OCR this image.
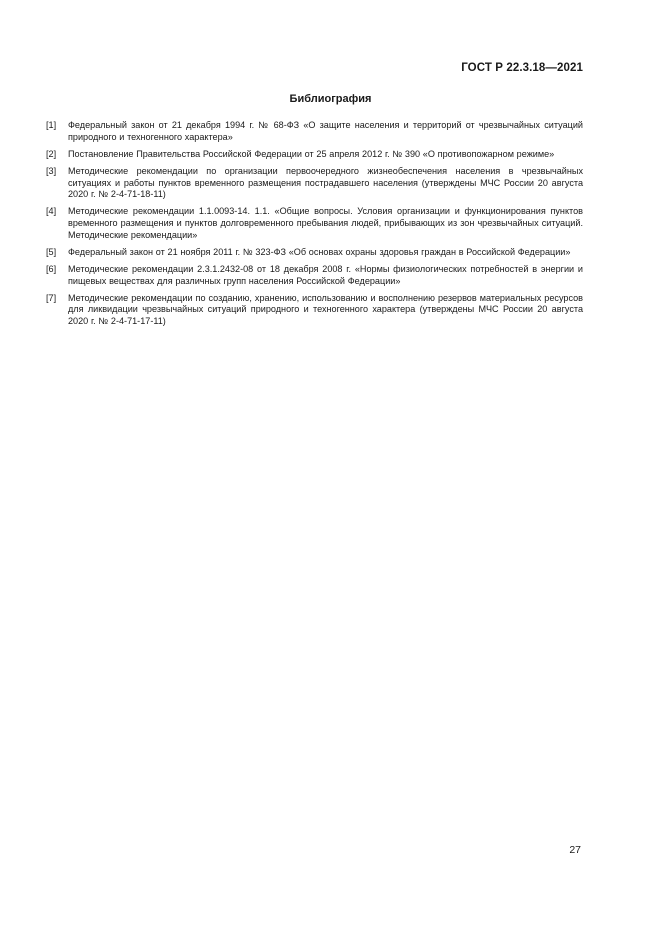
ГОСТ Р 22.3.18—2021
Библиография
[1]	Федеральный закон от 21 декабря 1994 г. № 68-ФЗ «О защите населения и территорий от чрезвычайных ситуаций природного и техногенного характера»
[2]	Постановление Правительства Российской Федерации от 25 апреля 2012 г. № 390 «О противопожарном режиме»
[3]	Методические рекомендации по организации первоочередного жизнеобеспечения населения в чрезвычайных ситуациях и работы пунктов временного размещения пострадавшего населения (утверждены МЧС России 20 августа 2020 г. № 2-4-71-18-11)
[4]	Методические рекомендации 1.1.0093-14. 1.1. «Общие вопросы. Условия организации и функционирования пунктов временного размещения и пунктов долговременного пребывания людей, прибывающих из зон чрезвычайных ситуаций. Методические рекомендации»
[5]	Федеральный закон от 21 ноября 2011 г. № 323-ФЗ «Об основах охраны здоровья граждан в Российской Федерации»
[6]	Методические рекомендации 2.3.1.2432-08 от 18 декабря 2008 г. «Нормы физиологических потребностей в энергии и пищевых веществах для различных групп населения Российской Федерации»
[7]	Методические рекомендации по созданию, хранению, использованию и восполнению резервов материальных ресурсов для ликвидации чрезвычайных ситуаций природного и техногенного характера (утверждены МЧС России 20 августа 2020 г. № 2-4-71-17-11)
27
